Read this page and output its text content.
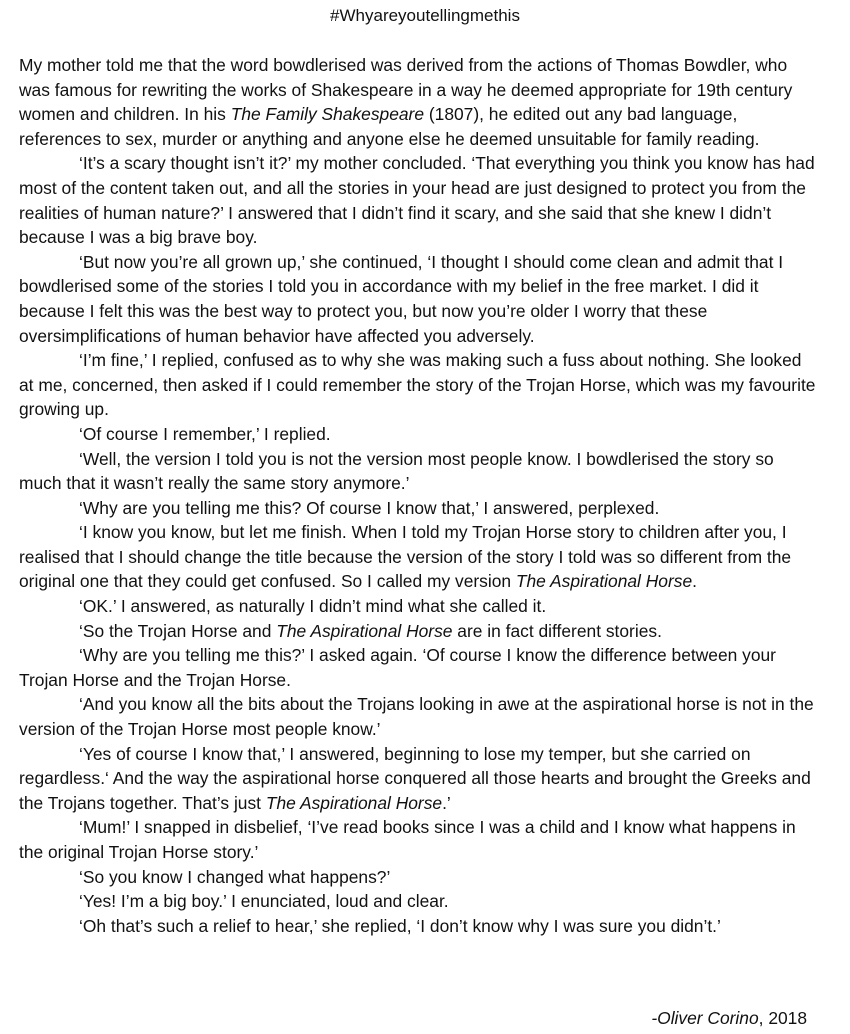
#Whyareyoutellingmethis

My mother told me that the word bowdlerised was derived from the actions of Thomas Bowdler, who was famous for rewriting the works of Shakespeare in a way he deemed appropriate for 19th century women and children. In his The Family Shakespeare (1807), he edited out any bad language, references to sex, murder or anything and anyone else he deemed unsuitable for family reading.

‘It’s a scary thought isn’t it?’ my mother concluded. ‘That everything you think you know has had most of the content taken out, and all the stories in your head are just designed to protect you from the realities of human nature?’ I answered that I didn’t find it scary, and she said that she knew I didn’t because I was a big brave boy.

‘But now you’re all grown up,’ she continued, ‘I thought I should come clean and admit that I bowdlerised some of the stories I told you in accordance with my belief in the free market. I did it because I felt this was the best way to protect you, but now you’re older I worry that these oversimplifications of human behavior have affected you adversely.

‘I’m fine,’ I replied, confused as to why she was making such a fuss about nothing. She looked at me, concerned, then asked if I could remember the story of the Trojan Horse, which was my favourite growing up.

‘Of course I remember,’ I replied.

‘Well, the version I told you is not the version most people know. I bowdlerised the story so much that it wasn’t really the same story anymore.’

‘Why are you telling me this? Of course I know that,’ I answered, perplexed.

‘I know you know, but let me finish. When I told my Trojan Horse story to children after you, I realised that I should change the title because the version of the story I told was so different from the original one that they could get confused. So I called my version The Aspirational Horse.

‘OK.’ I answered, as naturally I didn’t mind what she called it.

‘So the Trojan Horse and The Aspirational Horse are in fact different stories.

‘Why are you telling me this?’ I asked again. ‘Of course I know the difference between your Trojan Horse and the Trojan Horse.

‘And you know all the bits about the Trojans looking in awe at the aspirational horse is not in the version of the Trojan Horse most people know.’

‘Yes of course I know that,’ I answered, beginning to lose my temper, but she carried on regardless.‘ And the way the aspirational horse conquered all those hearts and brought the Greeks and the Trojans together. That’s just The Aspirational Horse.’

‘Mum!’ I snapped in disbelief, ‘I’ve read books since I was a child and I know what happens in the original Trojan Horse story.’

‘So you know I changed what happens?’

‘Yes! I’m a big boy.’ I enunciated, loud and clear.

‘Oh that’s such a relief to hear,’ she replied, ‘I don’t know why I was sure you didn’t.’

-Oliver Corino, 2018
